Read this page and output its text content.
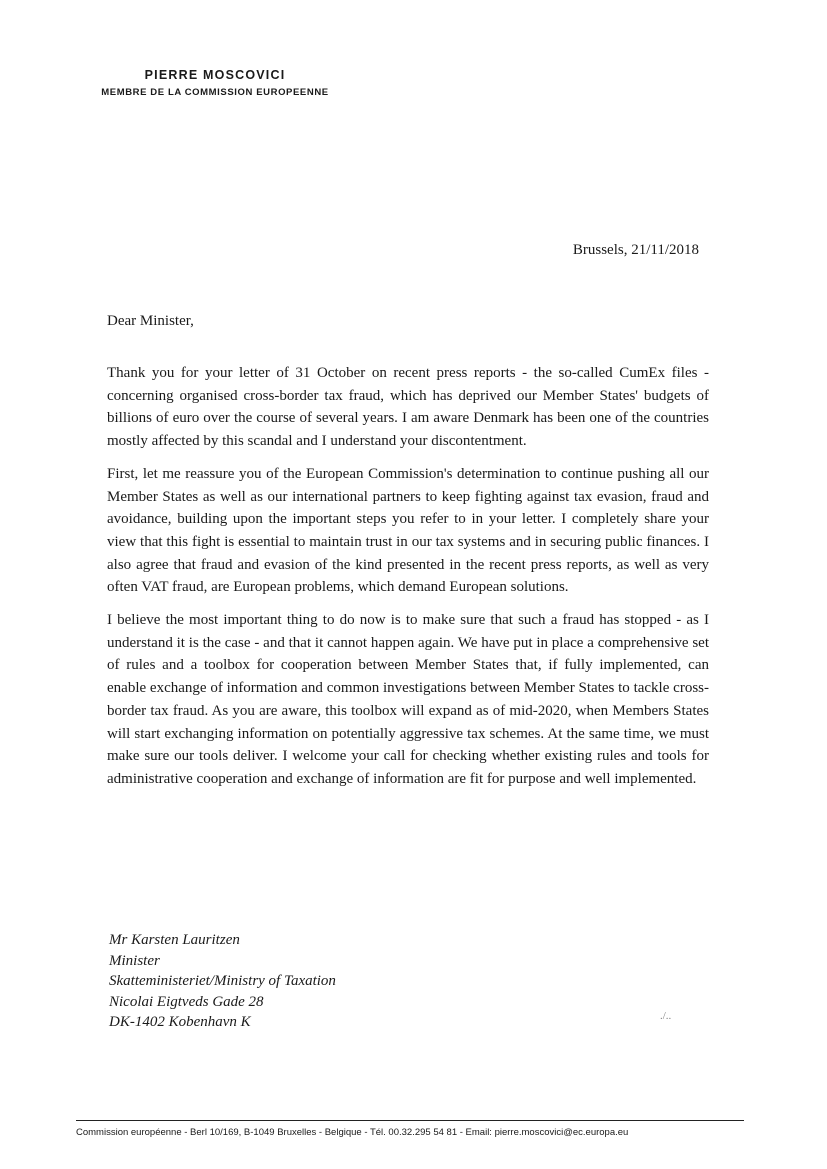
PIERRE MOSCOVICI
MEMBRE DE LA COMMISSION EUROPEENNE
Brussels, 21/11/2018
Dear Minister,

Thank you for your letter of 31 October on recent press reports - the so-called CumEx files - concerning organised cross-border tax fraud, which has deprived our Member States' budgets of billions of euro over the course of several years. I am aware Denmark has been one of the countries mostly affected by this scandal and I understand your discontentment.

First, let me reassure you of the European Commission's determination to continue pushing all our Member States as well as our international partners to keep fighting against tax evasion, fraud and avoidance, building upon the important steps you refer to in your letter. I completely share your view that this fight is essential to maintain trust in our tax systems and in securing public finances. I also agree that fraud and evasion of the kind presented in the recent press reports, as well as very often VAT fraud, are European problems, which demand European solutions.

I believe the most important thing to do now is to make sure that such a fraud has stopped - as I understand it is the case - and that it cannot happen again. We have put in place a comprehensive set of rules and a toolbox for cooperation between Member States that, if fully implemented, can enable exchange of information and common investigations between Member States to tackle cross-border tax fraud. As you are aware, this toolbox will expand as of mid-2020, when Members States will start exchanging information on potentially aggressive tax schemes. At the same time, we must make sure our tools deliver. I welcome your call for checking whether existing rules and tools for administrative cooperation and exchange of information are fit for purpose and well implemented.

Mr Karsten Lauritzen
Minister
Skatteministeriet/Ministry of Taxation
Nicolai Eigtveds Gade 28
DK-1402 Kobenhavn K	./..
Commission européenne - Berl 10/169, B-1049 Bruxelles - Belgique - Tél. 00.32.295 54 81 - Email: pierre.moscovici@ec.europa.eu
